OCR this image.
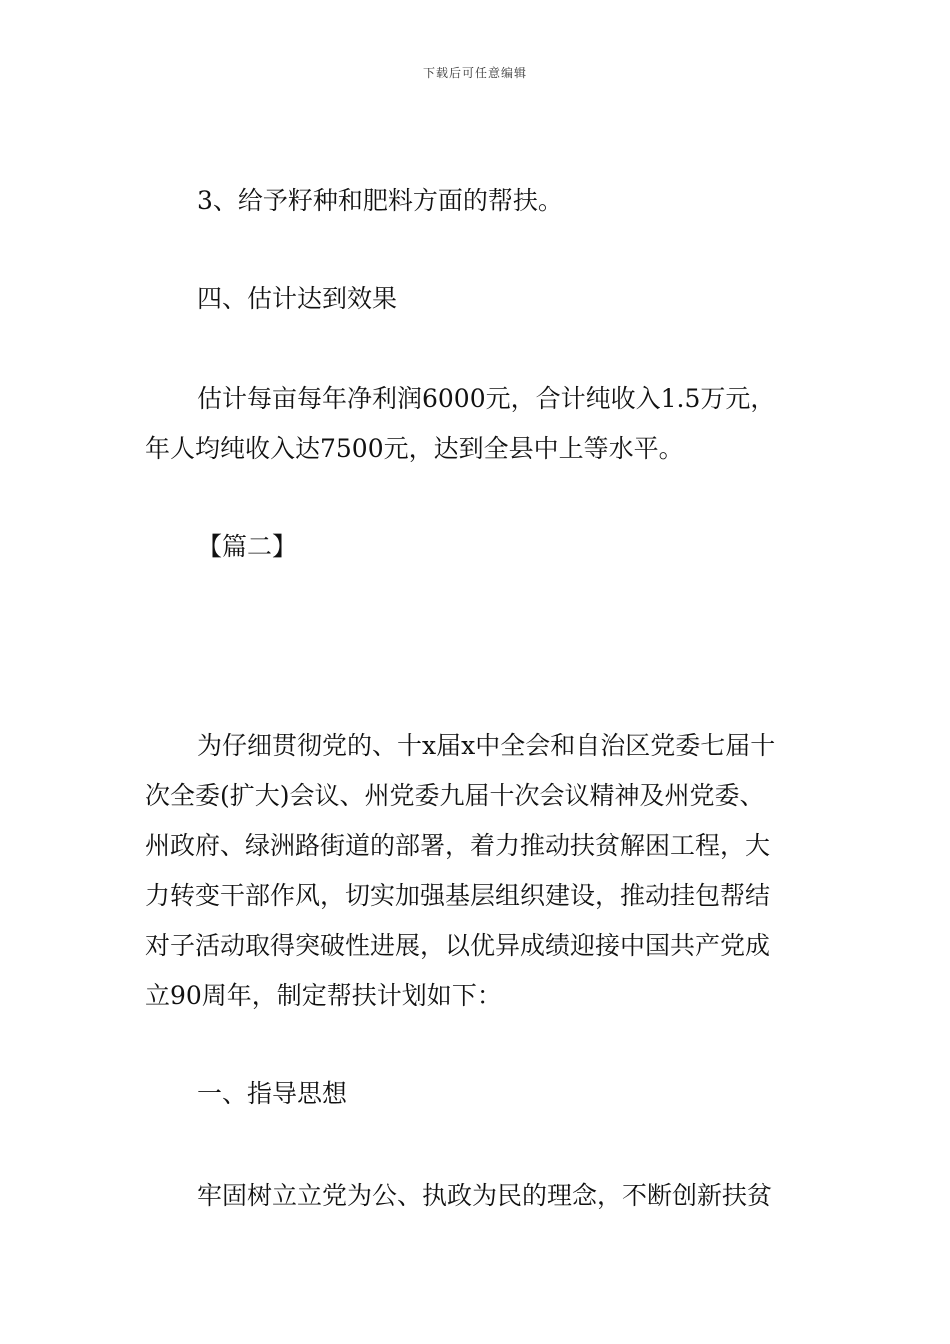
下载后可任意编辑
3、给予籽种和肥料方面的帮扶。
四、估计达到效果
估计每亩每年净利润6000元，合计纯收入1.5万元，
年人均纯收入达7500元，达到全县中上等水平。
【篇二】
为仔细贯彻党的、十x届x中全会和自治区党委七届十
次全委(扩大)会议、州党委九届十次会议精神及州党委、
州政府、绿洲路街道的部署，着力推动扶贫解困工程，大
力转变干部作风，切实加强基层组织建设，推动挂包帮结
对子活动取得突破性进展，以优异成绩迎接中国共产党成
立90周年，制定帮扶计划如下：
一、指导思想
牢固树立立党为公、执政为民的理念，不断创新扶贫
